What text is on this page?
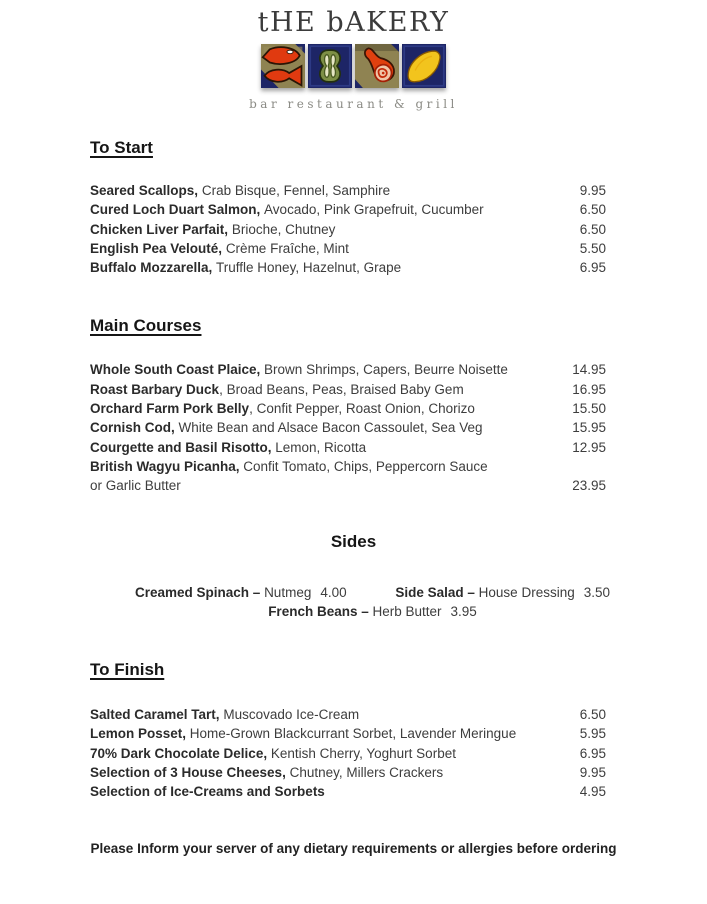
tHE bAKERY
bar restaurant & grill
To Start
Seared Scallops, Crab Bisque, Fennel, Samphire	9.95
Cured Loch Duart Salmon, Avocado, Pink Grapefruit, Cucumber	6.50
Chicken Liver Parfait, Brioche, Chutney	6.50
English Pea Velouté, Crème Fraîche, Mint	5.50
Buffalo Mozzarella, Truffle Honey, Hazelnut, Grape	6.95
Main Courses
Whole South Coast Plaice, Brown Shrimps, Capers, Beurre Noisette	14.95
Roast Barbary Duck , Broad Beans, Peas, Braised Baby Gem	16.95
Orchard Farm Pork Belly , Confit Pepper, Roast Onion, Chorizo	15.50
Cornish Cod, White Bean and Alsace Bacon Cassoulet, Sea Veg	15.95
Courgette and Basil Risotto, Lemon, Ricotta	12.95
British Wagyu Picanha, Confit Tomato, Chips, Peppercorn Sauce
or Garlic Butter	23.95
Sides
Creamed Spinach – Nutmeg 4.00	Side Salad – House Dressing 3.50
French Beans – Herb Butter 3.95
To Finish
Salted Caramel Tart, Muscovado Ice-Cream	6.50
Lemon Posset, Home-Grown Blackcurrant Sorbet, Lavender Meringue	5.95
70% Dark Chocolate Delice, Kentish Cherry, Yoghurt Sorbet	6.95
Selection of 3 House Cheeses, Chutney, Millers Crackers	9.95
Selection of Ice-Creams and Sorbets	4.95
Please Inform your server of any dietary requirements or allergies before ordering
